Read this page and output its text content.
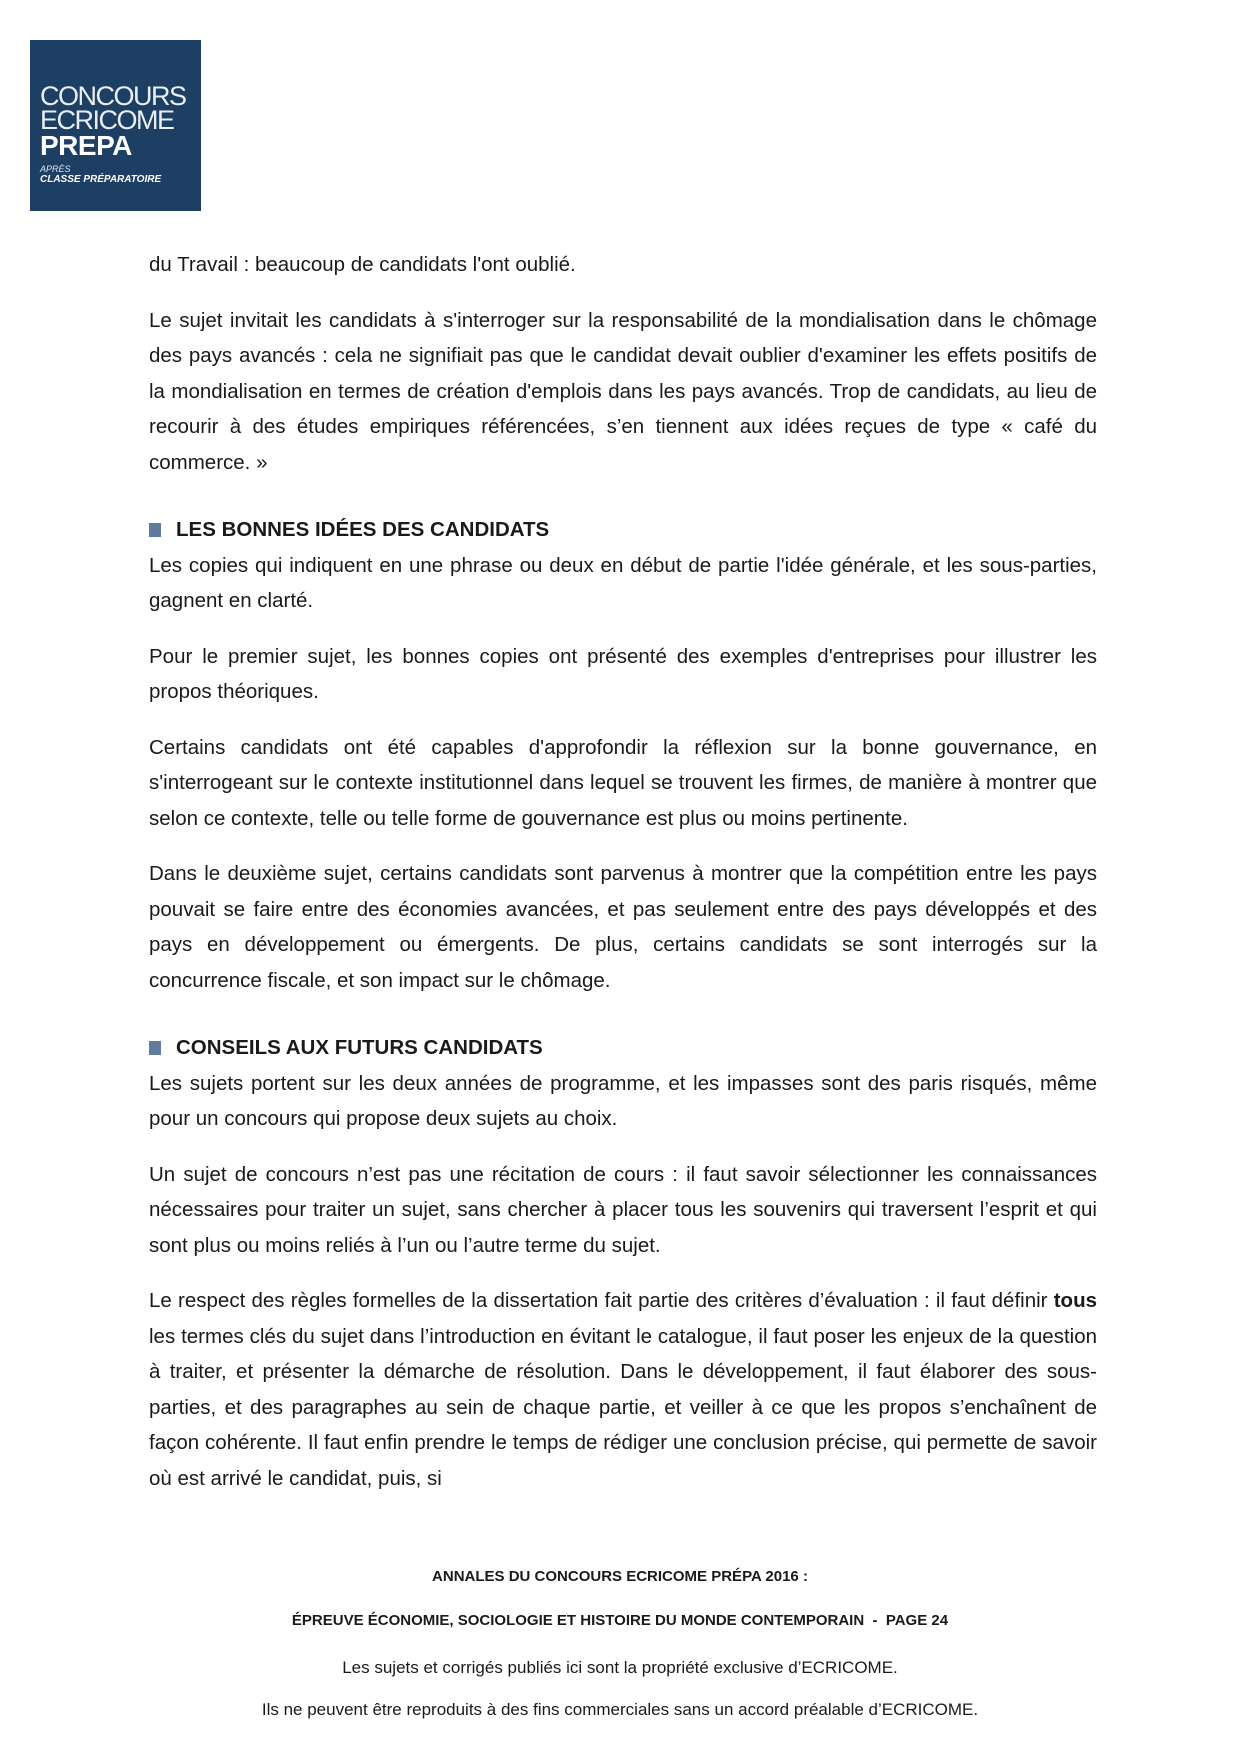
CONCOURS
ECRICOME
PREPA
APRÈS
CLASSE PRÉPARATOIRE

du Travail : beaucoup de candidats l'ont oublié.

Le sujet invitait les candidats à s'interroger sur la responsabilité de la mondialisation dans le chômage des pays avancés : cela ne signifiait pas que le candidat devait oublier d'examiner les effets positifs de la mondialisation en termes de création d'emplois dans les pays avancés. Trop de candidats, au lieu de recourir à des études empiriques référencées, s’en tiennent aux idées reçues de type « café du commerce. »

LES BONNES IDÉES DES CANDIDATS

Les copies qui indiquent en une phrase ou deux en début de partie l'idée générale, et les sous-parties, gagnent en clarté.

Pour le premier sujet, les bonnes copies ont présenté des exemples d'entreprises pour illustrer les propos théoriques.

Certains candidats ont été capables d'approfondir la réflexion sur la bonne gouvernance, en s'interrogeant sur le contexte institutionnel dans lequel se trouvent les firmes, de manière à montrer que selon ce contexte, telle ou telle forme de gouvernance est plus ou moins pertinente.

Dans le deuxième sujet, certains candidats sont parvenus à montrer que la compétition entre les pays pouvait se faire entre des économies avancées, et pas seulement entre des pays développés et des pays en développement ou émergents. De plus, certains candidats se sont interrogés sur la concurrence fiscale, et son impact sur le chômage.

CONSEILS AUX FUTURS CANDIDATS

Les sujets portent sur les deux années de programme, et les impasses sont des paris risqués, même pour un concours qui propose deux sujets au choix.

Un sujet de concours n’est pas une récitation de cours : il faut savoir sélectionner les connaissances nécessaires pour traiter un sujet, sans chercher à placer tous les souvenirs qui traversent l’esprit et qui sont plus ou moins reliés à l’un ou l’autre terme du sujet.

Le respect des règles formelles de la dissertation fait partie des critères d’évaluation : il faut définir tous les termes clés du sujet dans l’introduction en évitant le catalogue, il faut poser les enjeux de la question à traiter, et présenter la démarche de résolution. Dans le développement, il faut élaborer des sous-parties, et des paragraphes au sein de chaque partie, et veiller à ce que les propos s’enchaînent de façon cohérente. Il faut enfin prendre le temps de rédiger une conclusion précise, qui permette de savoir où est arrivé le candidat, puis, si

ANNALES DU CONCOURS ECRICOME PRÉPA 2016 :
ÉPREUVE ÉCONOMIE, SOCIOLOGIE ET HISTOIRE DU MONDE CONTEMPORAIN  -  PAGE 24
Les sujets et corrigés publiés ici sont la propriété exclusive d’ECRICOME.
Ils ne peuvent être reproduits à des fins commerciales sans un accord préalable d’ECRICOME.
